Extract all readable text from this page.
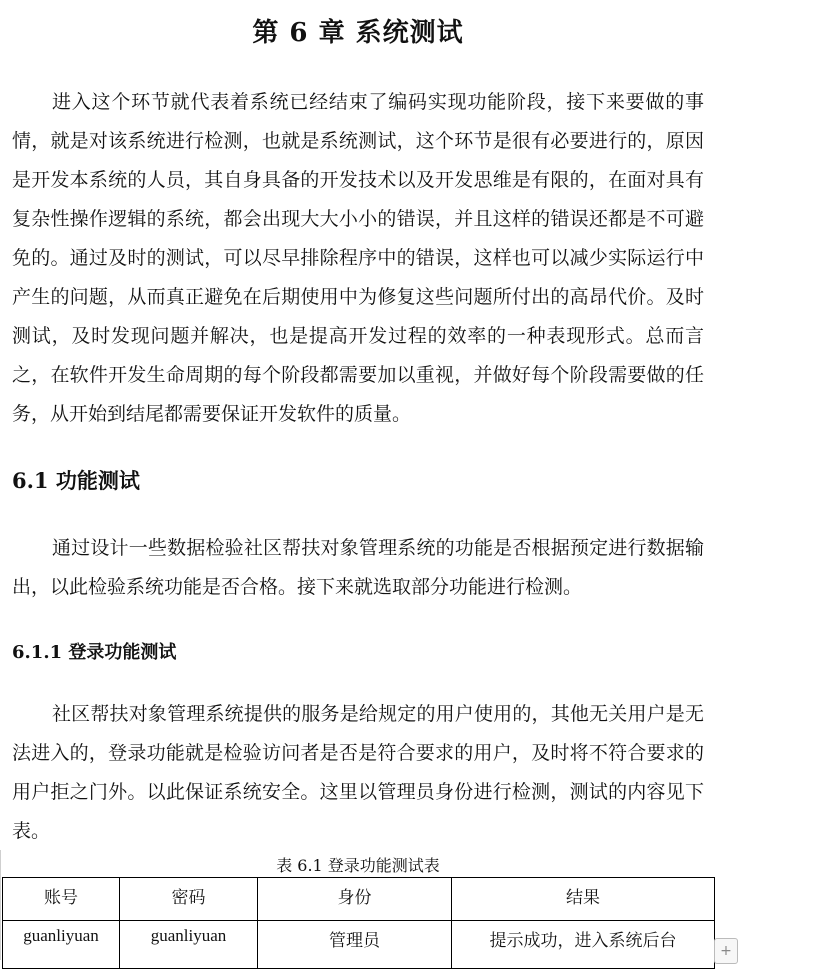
第 6 章 系统测试

进入这个环节就代表着系统已经结束了编码实现功能阶段，接下来要做的事情，就是对该系统进行检测，也就是系统测试，这个环节是很有必要进行的，原因是开发本系统的人员，其自身具备的开发技术以及开发思维是有限的，在面对具有复杂性操作逻辑的系统，都会出现大大小小的错误，并且这样的错误还都是不可避免的。通过及时的测试，可以尽早排除程序中的错误，这样也可以减少实际运行中产生的问题，从而真正避免在后期使用中为修复这些问题所付出的高昂代价。及时测试，及时发现问题并解决，也是提高开发过程的效率的一种表现形式。总而言之，在软件开发生命周期的每个阶段都需要加以重视，并做好每个阶段需要做的任务，从开始到结尾都需要保证开发软件的质量。

6.1 功能测试

通过设计一些数据检验社区帮扶对象管理系统的功能是否根据预定进行数据输出，以此检验系统功能是否合格。接下来就选取部分功能进行检测。

6.1.1 登录功能测试

社区帮扶对象管理系统提供的服务是给规定的用户使用的，其他无关用户是无法进入的，登录功能就是检验访问者是否是符合要求的用户，及时将不符合要求的用户拒之门外。以此保证系统安全。这里以管理员身份进行检测，测试的内容见下表。

表 6.1 登录功能测试表
账号	密码	身份	结果
guanliyuan	guanliyuan	管理员	提示成功，进入系统后台	+
